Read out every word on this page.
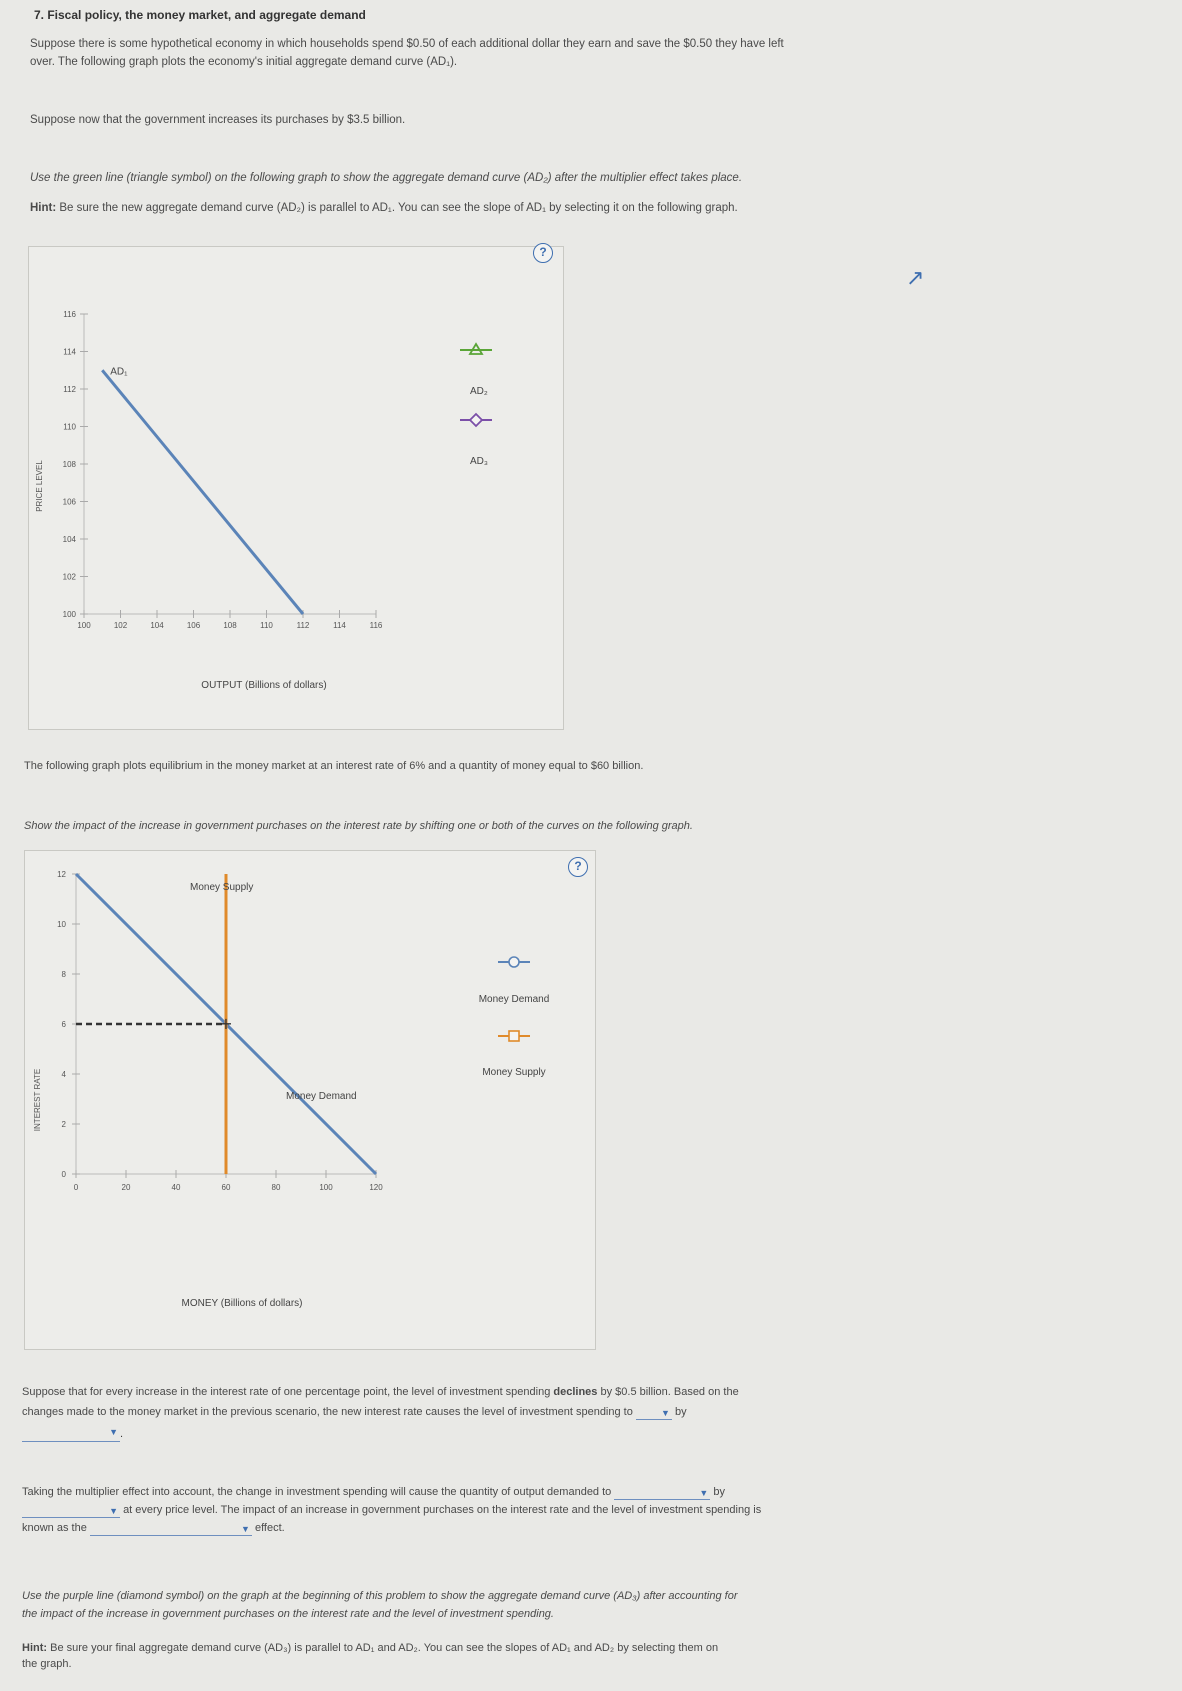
7. Fiscal policy, the money market, and aggregate demand
Suppose there is some hypothetical economy in which households spend $0.50 of each additional dollar they earn and save the $0.50 they have left
over. The following graph plots the economy's initial aggregate demand curve (AD₁).
Suppose now that the government increases its purchases by $3.5 billion.
Use the green line (triangle symbol) on the following graph to show the aggregate demand curve (AD₂) after the multiplier effect takes place.
Hint: Be sure the new aggregate demand curve (AD₂) is parallel to AD₁. You can see the slope of AD₁ by selecting it on the following graph.
?
↗
PRICE LEVEL
116
114
112
110
108
106
104
102
100
100	102	104	106	108	110	112	114	116
AD₁
OUTPUT (Billions of dollars)
AD₂
AD₃
The following graph plots equilibrium in the money market at an interest rate of 6% and a quantity of money equal to $60 billion.
Show the impact of the increase in government purchases on the interest rate by shifting one or both of the curves on the following graph.
?
INTEREST RATE
12
10
8
6
4
2
0
0	20	40	60	80	100	120
+
Money Supply
Money Demand
MONEY (Billions of dollars)
Money Demand
Money Supply
Suppose that for every increase in the interest rate of one percentage point, the level of investment spending declines by $0.5 billion. Based on the
changes made to the money market in the previous scenario, the new interest rate causes the level of investment spending to	▼ by
▼ .
Taking the multiplier effect into account, the change in investment spending will cause the quantity of output demanded to	▼ by
▼ at every price level. The impact of an increase in government purchases on the interest rate and the level of investment spending is
known as the	▼ effect.
Use the purple line (diamond symbol) on the graph at the beginning of this problem to show the aggregate demand curve (AD₃) after accounting for
the impact of the increase in government purchases on the interest rate and the level of investment spending.
Hint: Be sure your final aggregate demand curve (AD₃) is parallel to AD₁ and AD₂. You can see the slopes of AD₁ and AD₂ by selecting them on
the graph.
